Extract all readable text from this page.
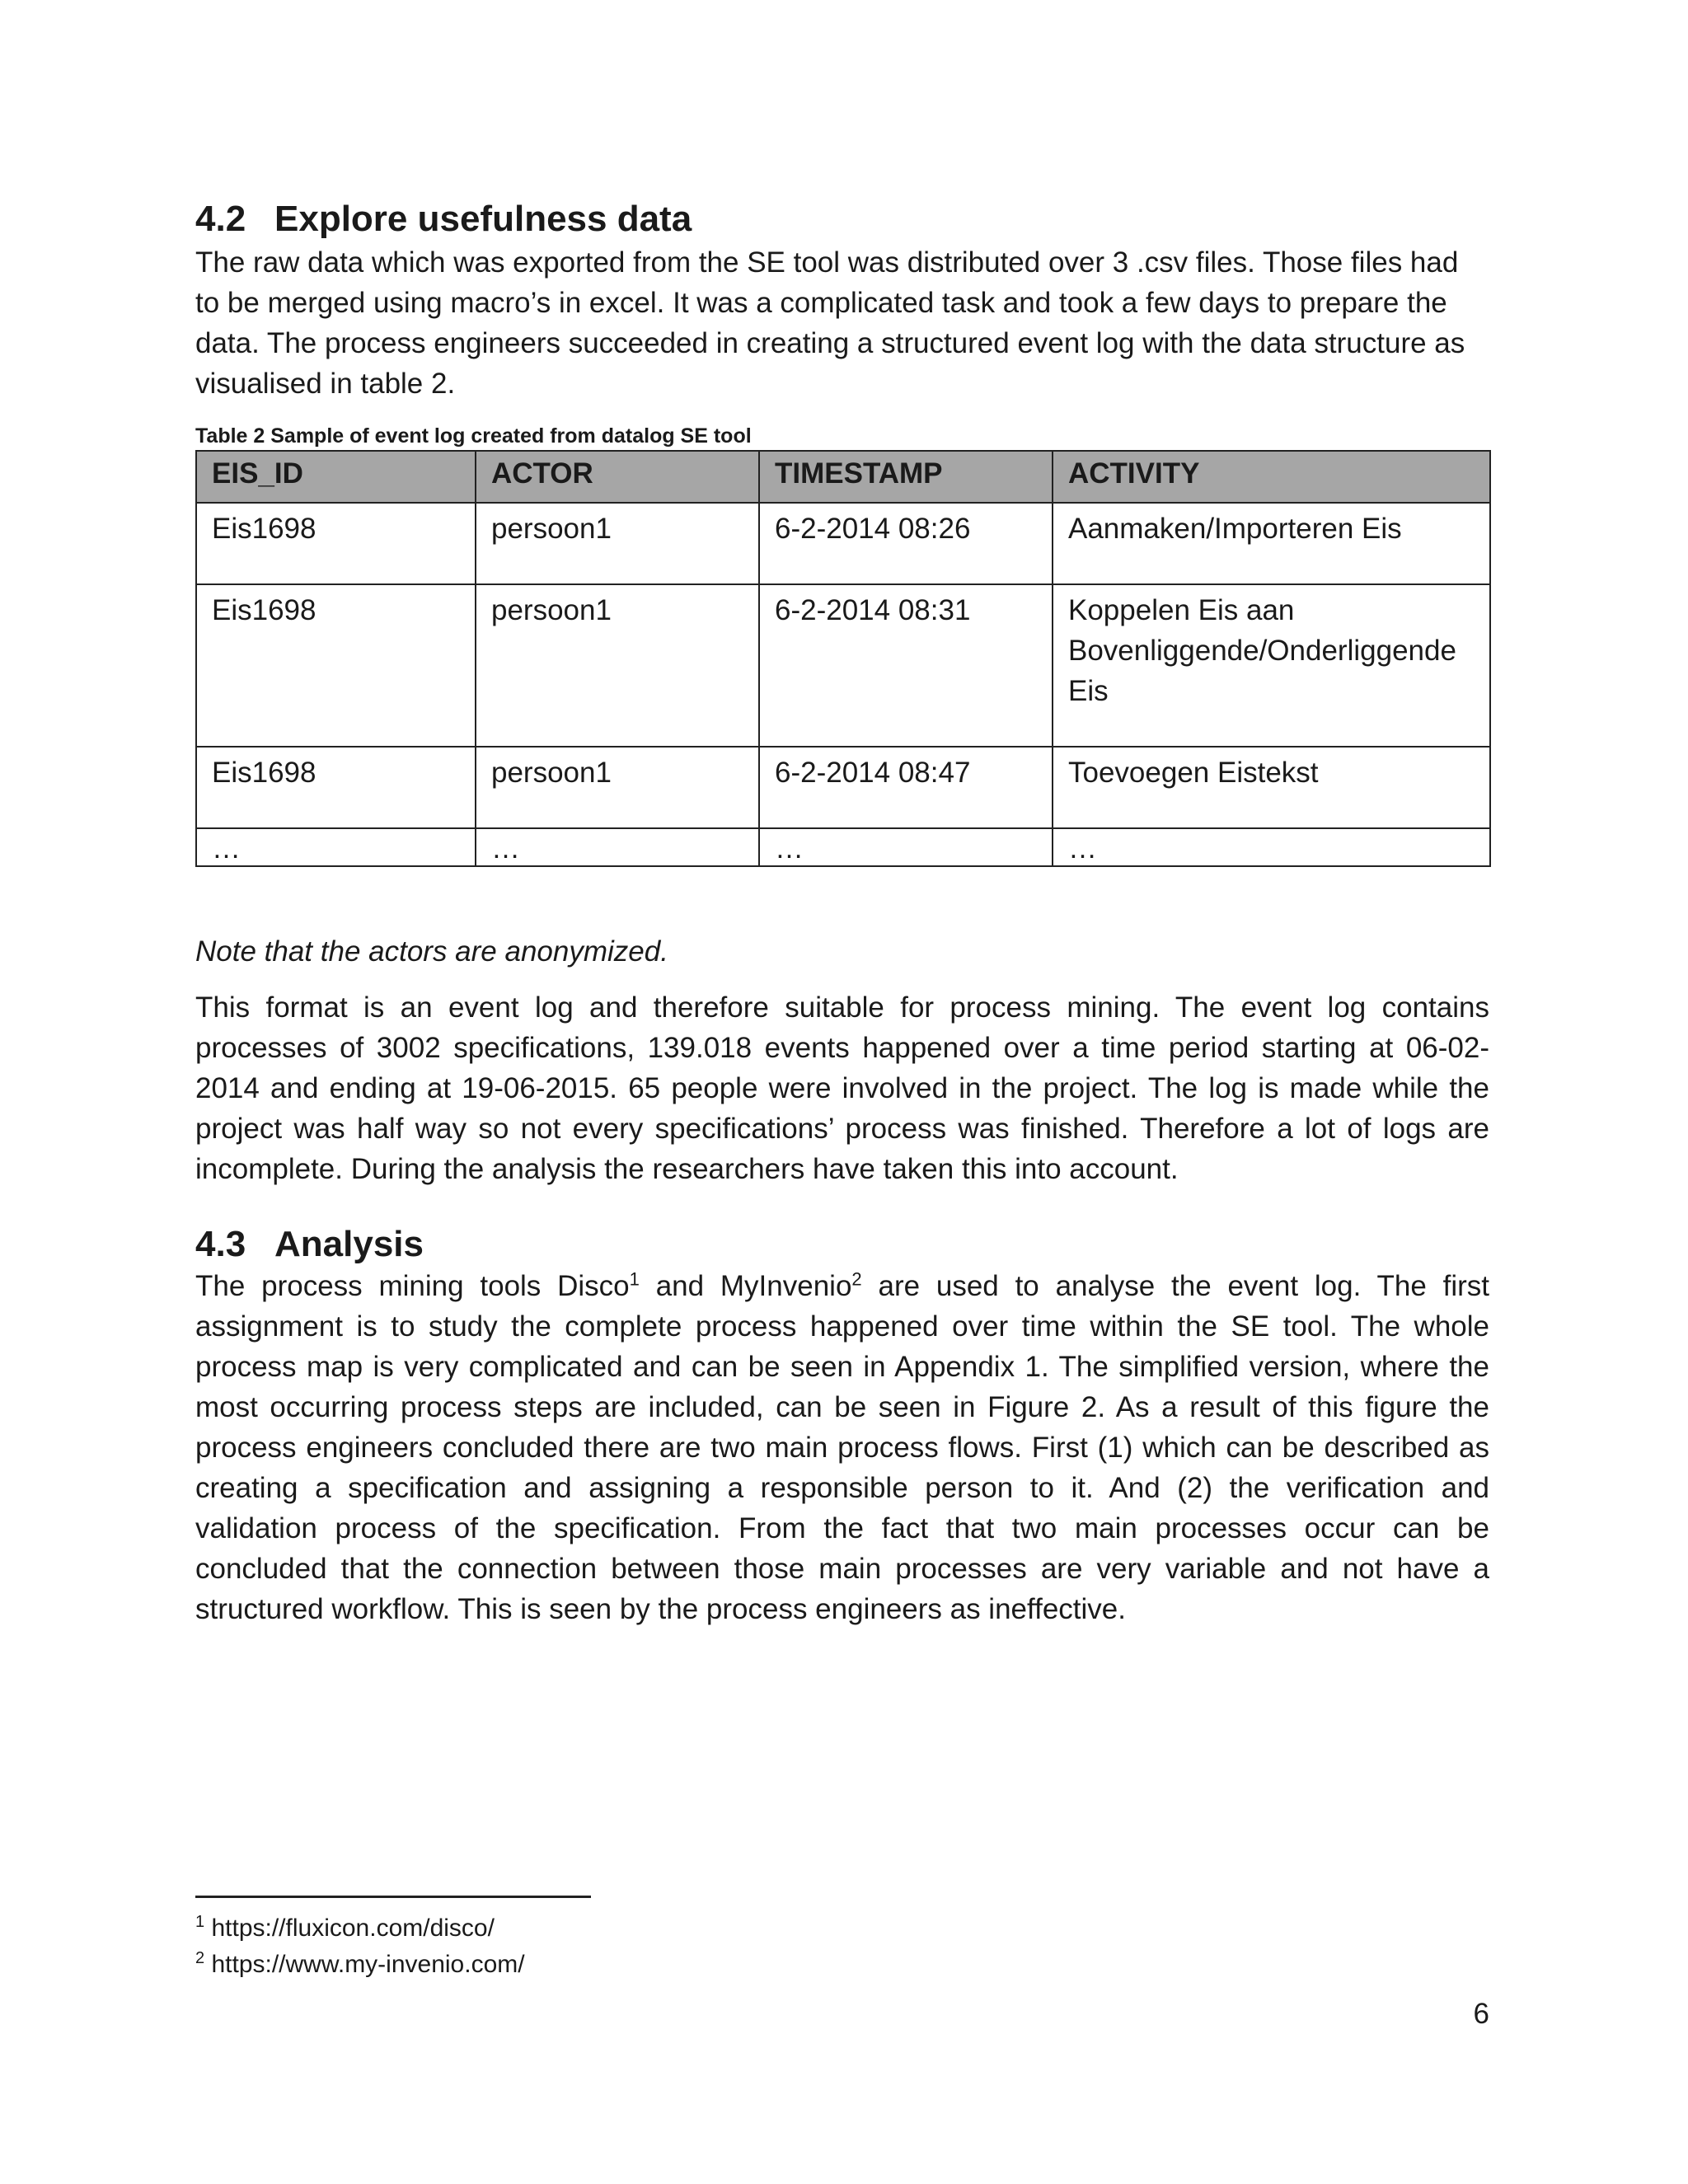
4.2 Explore usefulness data

The raw data which was exported from the SE tool was distributed over 3 .csv files. Those files had to be merged using macro’s in excel. It was a complicated task and took a few days to prepare the data. The process engineers succeeded in creating a structured event log with the data structure as visualised in table 2.

Table 2 Sample of event log created from datalog SE tool
EIS_ID	ACTOR	TIMESTAMP	ACTIVITY
Eis1698	persoon1	6-2-2014 08:26	Aanmaken/Importeren Eis
Eis1698	persoon1	6-2-2014 08:31	Koppelen Eis aan Bovenliggende/Onderliggende Eis
Eis1698	persoon1	6-2-2014 08:47	Toevoegen Eistekst
…	…	…	…

Note that the actors are anonymized.

This format is an event log and therefore suitable for process mining. The event log contains processes of 3002 specifications, 139.018 events happened over a time period starting at 06-02-2014 and ending at 19-06-2015. 65 people were involved in the project. The log is made while the project was half way so not every specifications’ process was finished. Therefore a lot of logs are incomplete. During the analysis the researchers have taken this into account.

4.3 Analysis

The process mining tools Disco$^1$ and MyInvenio$^2$ are used to analyse the event log. The first assignment is to study the complete process happened over time within the SE tool. The whole process map is very complicated and can be seen in Appendix 1. The simplified version, where the most occurring process steps are included, can be seen in Figure 2. As a result of this figure the process engineers concluded there are two main process flows. First (1) which can be described as creating a specification and assigning a responsible person to it. And (2) the verification and validation process of the specification. From the fact that two main processes occur can be concluded that the connection between those main processes are very variable and not have a structured workflow. This is seen by the process engineers as ineffective.

$^1$ https://fluxicon.com/disco/
$^2$ https://www.my-invenio.com/
6
